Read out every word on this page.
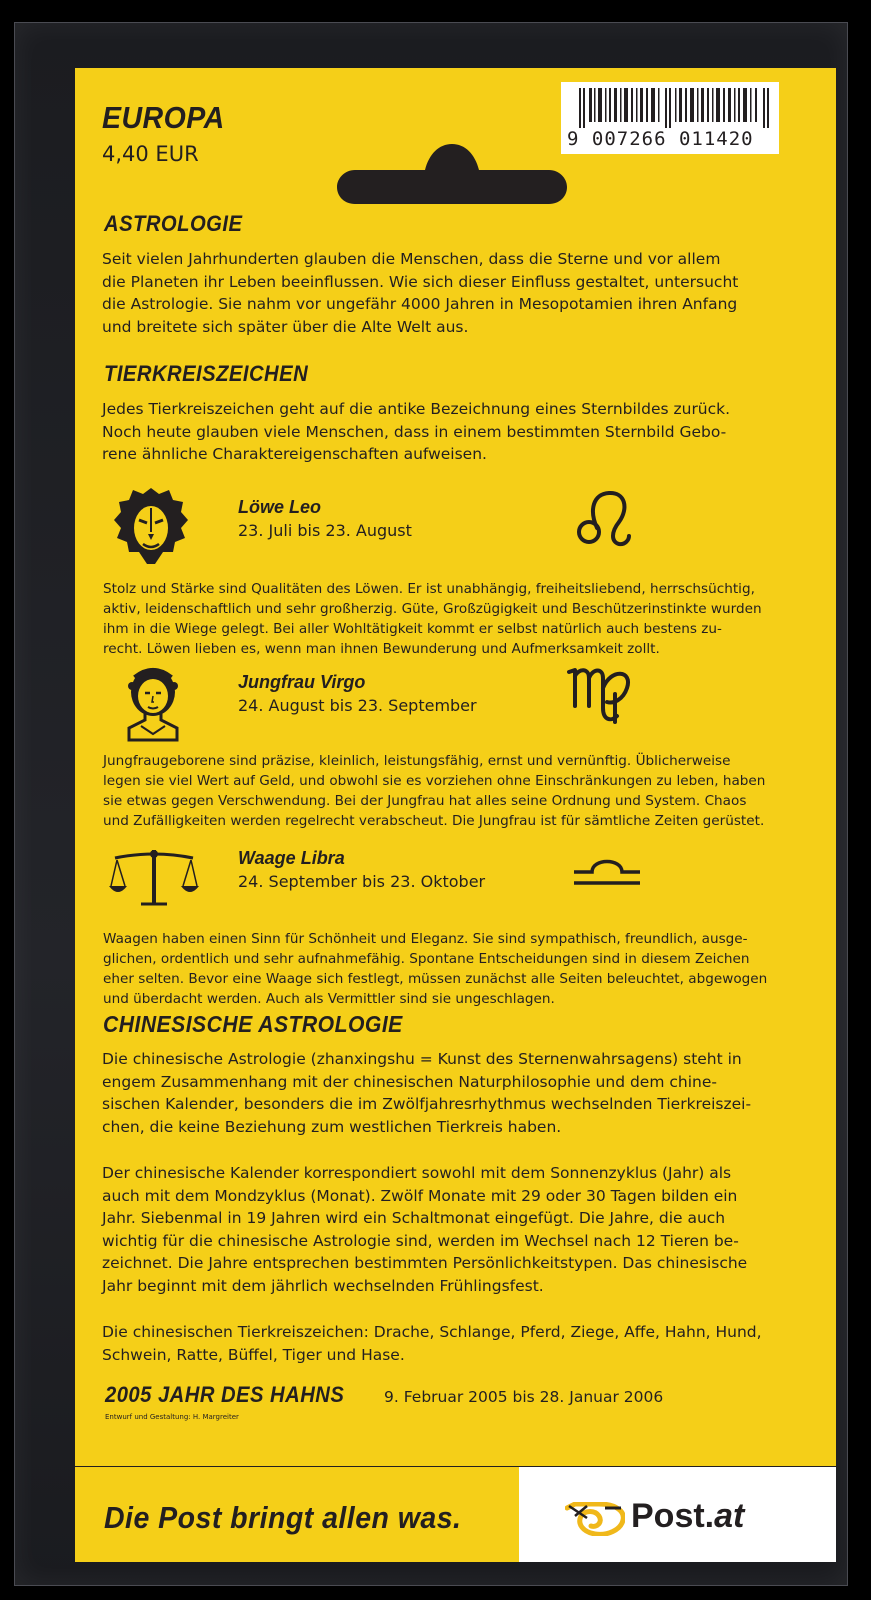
EUROPA
4,40 EUR
9 007266 011420
ASTROLOGIE
Seit vielen Jahrhunderten glauben die Menschen, dass die Sterne und vor allem
die Planeten ihr Leben beeinflussen. Wie sich dieser Einfluss gestaltet, untersucht
die Astrologie. Sie nahm vor ungefähr 4000 Jahren in Mesopotamien ihren Anfang
und breitete sich später über die Alte Welt aus.
TIERKREISZEICHEN
Jedes Tierkreiszeichen geht auf die antike Bezeichnung eines Sternbildes zurück.
Noch heute glauben viele Menschen, dass in einem bestimmten Sternbild Gebo-
rene ähnliche Charaktereigenschaften aufweisen.
Löwe Leo
23. Juli bis 23. August
Stolz und Stärke sind Qualitäten des Löwen. Er ist unabhängig, freiheitsliebend, herrschsüchtig,
aktiv, leidenschaftlich und sehr großherzig. Güte, Großzügigkeit und Beschützerinstinkte wurden
ihm in die Wiege gelegt. Bei aller Wohltätigkeit kommt er selbst natürlich auch bestens zu-
recht. Löwen lieben es, wenn man ihnen Bewunderung und Aufmerksamkeit zollt.
Jungfrau Virgo
24. August bis 23. September
Jungfraugeborene sind präzise, kleinlich, leistungsfähig, ernst und vernünftig. Üblicherweise
legen sie viel Wert auf Geld, und obwohl sie es vorziehen ohne Einschränkungen zu leben, haben
sie etwas gegen Verschwendung. Bei der Jungfrau hat alles seine Ordnung und System. Chaos
und Zufälligkeiten werden regelrecht verabscheut. Die Jungfrau ist für sämtliche Zeiten gerüstet.
Waage Libra
24. September bis 23. Oktober
Waagen haben einen Sinn für Schönheit und Eleganz. Sie sind sympathisch, freundlich, ausge-
glichen, ordentlich und sehr aufnahmefähig. Spontane Entscheidungen sind in diesem Zeichen
eher selten. Bevor eine Waage sich festlegt, müssen zunächst alle Seiten beleuchtet, abgewogen
und überdacht werden. Auch als Vermittler sind sie ungeschlagen.
CHINESISCHE ASTROLOGIE
Die chinesische Astrologie (zhanxingshu = Kunst des Sternenwahrsagens) steht in
engem Zusammenhang mit der chinesischen Naturphilosophie und dem chine-
sischen Kalender, besonders die im Zwölfjahresrhythmus wechselnden Tierkreiszei-
chen, die keine Beziehung zum westlichen Tierkreis haben.
Der chinesische Kalender korrespondiert sowohl mit dem Sonnenzyklus (Jahr) als
auch mit dem Mondzyklus (Monat). Zwölf Monate mit 29 oder 30 Tagen bilden ein
Jahr. Siebenmal in 19 Jahren wird ein Schaltmonat eingefügt. Die Jahre, die auch
wichtig für die chinesische Astrologie sind, werden im Wechsel nach 12 Tieren be-
zeichnet. Die Jahre entsprechen bestimmten Persönlichkeitstypen. Das chinesische
Jahr beginnt mit dem jährlich wechselnden Frühlingsfest.
Die chinesischen Tierkreiszeichen: Drache, Schlange, Pferd, Ziege, Affe, Hahn, Hund,
Schwein, Ratte, Büffel, Tiger und Hase.
2005 JAHR DES HAHNS	9. Februar 2005 bis 28. Januar 2006
Entwurf und Gestaltung: H. Margreiter
Die Post bringt allen was.	Post.at
